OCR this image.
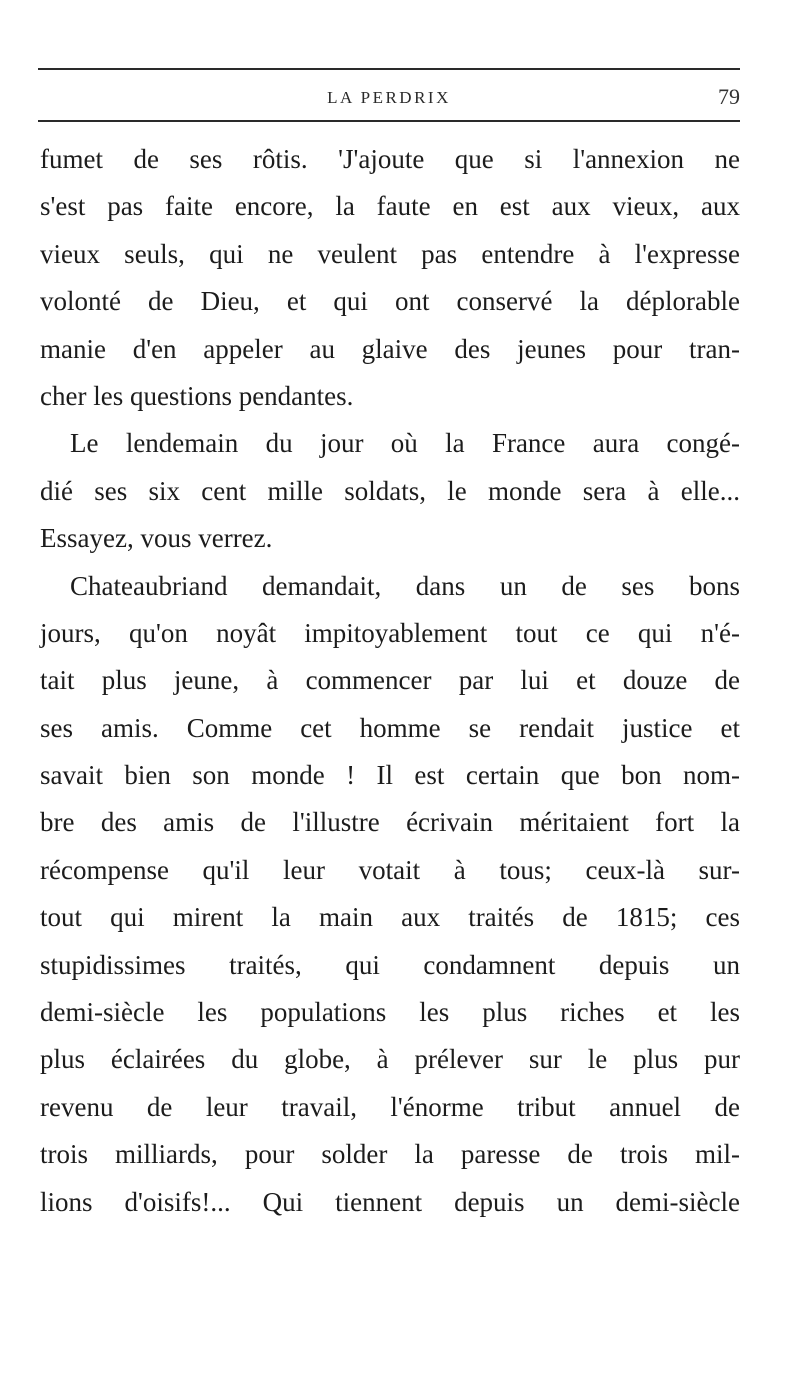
LA PERDRIX	79
fumet de ses rôtis. 'J'ajoute que si l'annexion ne
s'est pas faite encore, la faute en est aux vieux, aux
vieux seuls, qui ne veulent pas entendre à l'expresse
volonté de Dieu, et qui ont conservé la déplorable
manie d'en appeler au glaive des jeunes pour tran-
cher les questions pendantes.
Le lendemain du jour où la France aura congé-
dié ses six cent mille soldats, le monde sera à elle...
Essayez, vous verrez.
Chateaubriand demandait, dans un de ses bons
jours, qu'on noyât impitoyablement tout ce qui n'é-
tait plus jeune, à commencer par lui et douze de
ses amis. Comme cet homme se rendait justice et
savait bien son monde ! Il est certain que bon nom-
bre des amis de l'illustre écrivain méritaient fort la
récompense qu'il leur votait à tous; ceux-là sur-
tout qui mirent la main aux traités de 1815; ces
stupidissimes traités, qui condamnent depuis un
demi-siècle les populations les plus riches et les
plus éclairées du globe, à prélever sur le plus pur
revenu de leur travail, l'énorme tribut annuel de
trois milliards, pour solder la paresse de trois mil-
lions d'oisifs!... Qui tiennent depuis un demi-siècle
